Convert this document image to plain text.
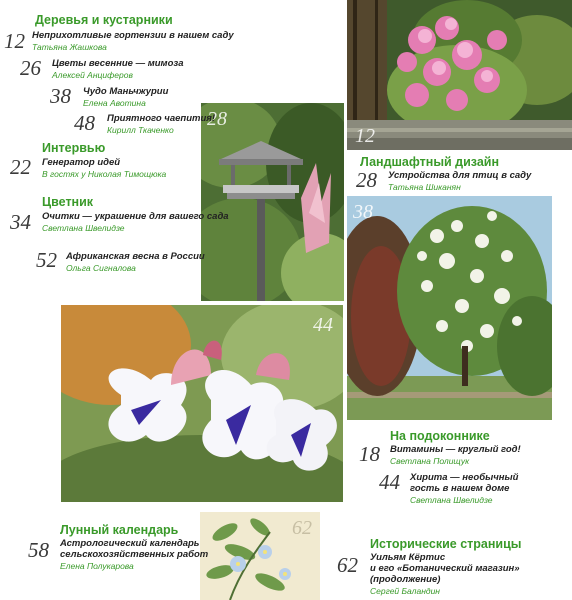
12
28
38
44
62
Деревья и кустарники
12 Неприхотливые гортензии в нашем саду
Татьяна Жашкова
26 Цветы весенние — мимоза
Алексей Анциферов
38 Чудо Маньчжурии
Елена Авотина
48 Приятного чаепития!
Кирилл Ткаченко
Интервью
22 Генератор идей
В гостях у Николая Тимощюка
Цветник
34 Очитки — украшение для вашего сада
Светлана Швелидзе
52 Африканская весна в России
Ольга Сигналова
Ландшафтный дизайн
28 Устройства для птиц в саду
Татьяна Шиканян
На подоконнике
18 Витамины — круглый год!
Светлана Полищук
44 Хирита — необычный
гость в нашем доме
Светлана Швелидзе
Лунный календарь
58 Астрологический календарь
сельскохозяйственных работ
Елена Полукарова
Исторические страницы
62 Уильям Кёртис
и его «Ботанический магазин»
(продолжение)
Сергей Баландин
